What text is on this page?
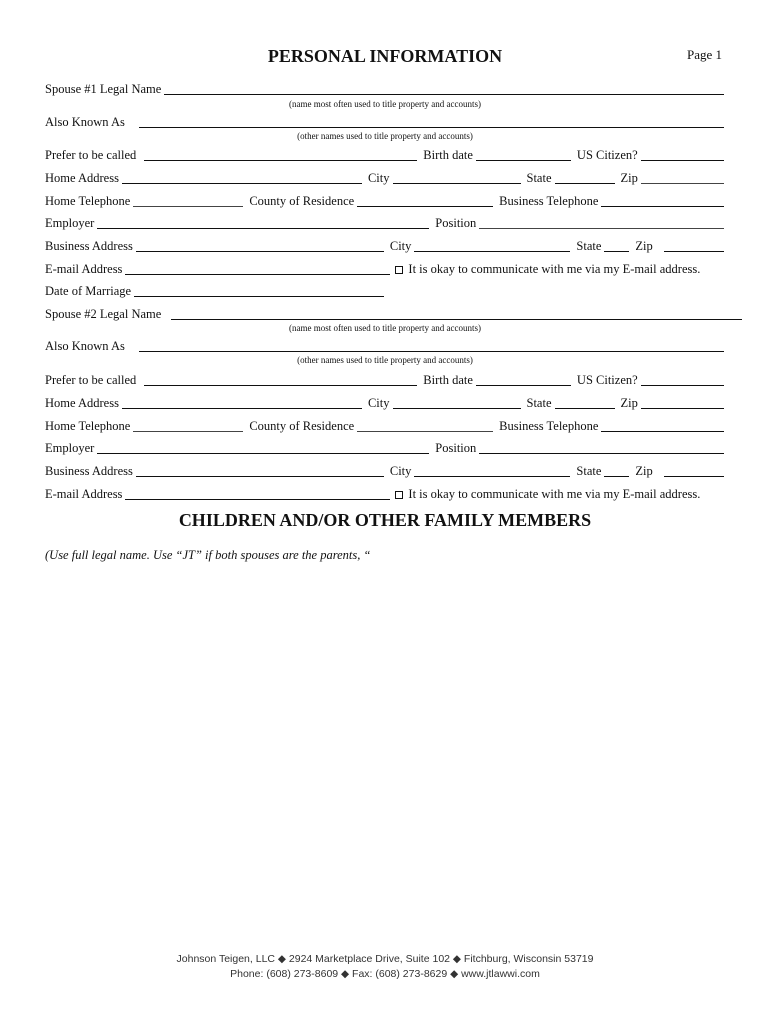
PERSONAL INFORMATION	Page 1
Spouse #1 Legal Name
(name most often used to title property and accounts)
Also Known As
(other names used to title property and accounts)
Prefer to be called	Birth date	US Citizen?
Home Address	City	State	Zip
Home Telephone	County of Residence	Business Telephone
Employer	Position
Business Address	City	State	Zip
E-mail Address	It is okay to communicate with me via my E-mail address.
Date of Marriage
Spouse #2 Legal Name
(name most often used to title property and accounts)
Also Known As
(other names used to title property and accounts)
Prefer to be called	Birth date	US Citizen?
Home Address	City	State	Zip
Home Telephone	County of Residence	Business Telephone
Employer	Position
Business Address	City	State	Zip
E-mail Address	It is okay to communicate with me via my E-mail address.
CHILDREN AND/OR OTHER FAMILY MEMBERS
(Use full legal name. Use “JT” if both spouses are the parents, “
Johnson Teigen, LLC ◆ 2924 Marketplace Drive, Suite 102 ◆ Fitchburg, Wisconsin 53719
Phone: (608) 273-8609 ◆ Fax: (608) 273-8629 ◆ www.jtlawwi.com
